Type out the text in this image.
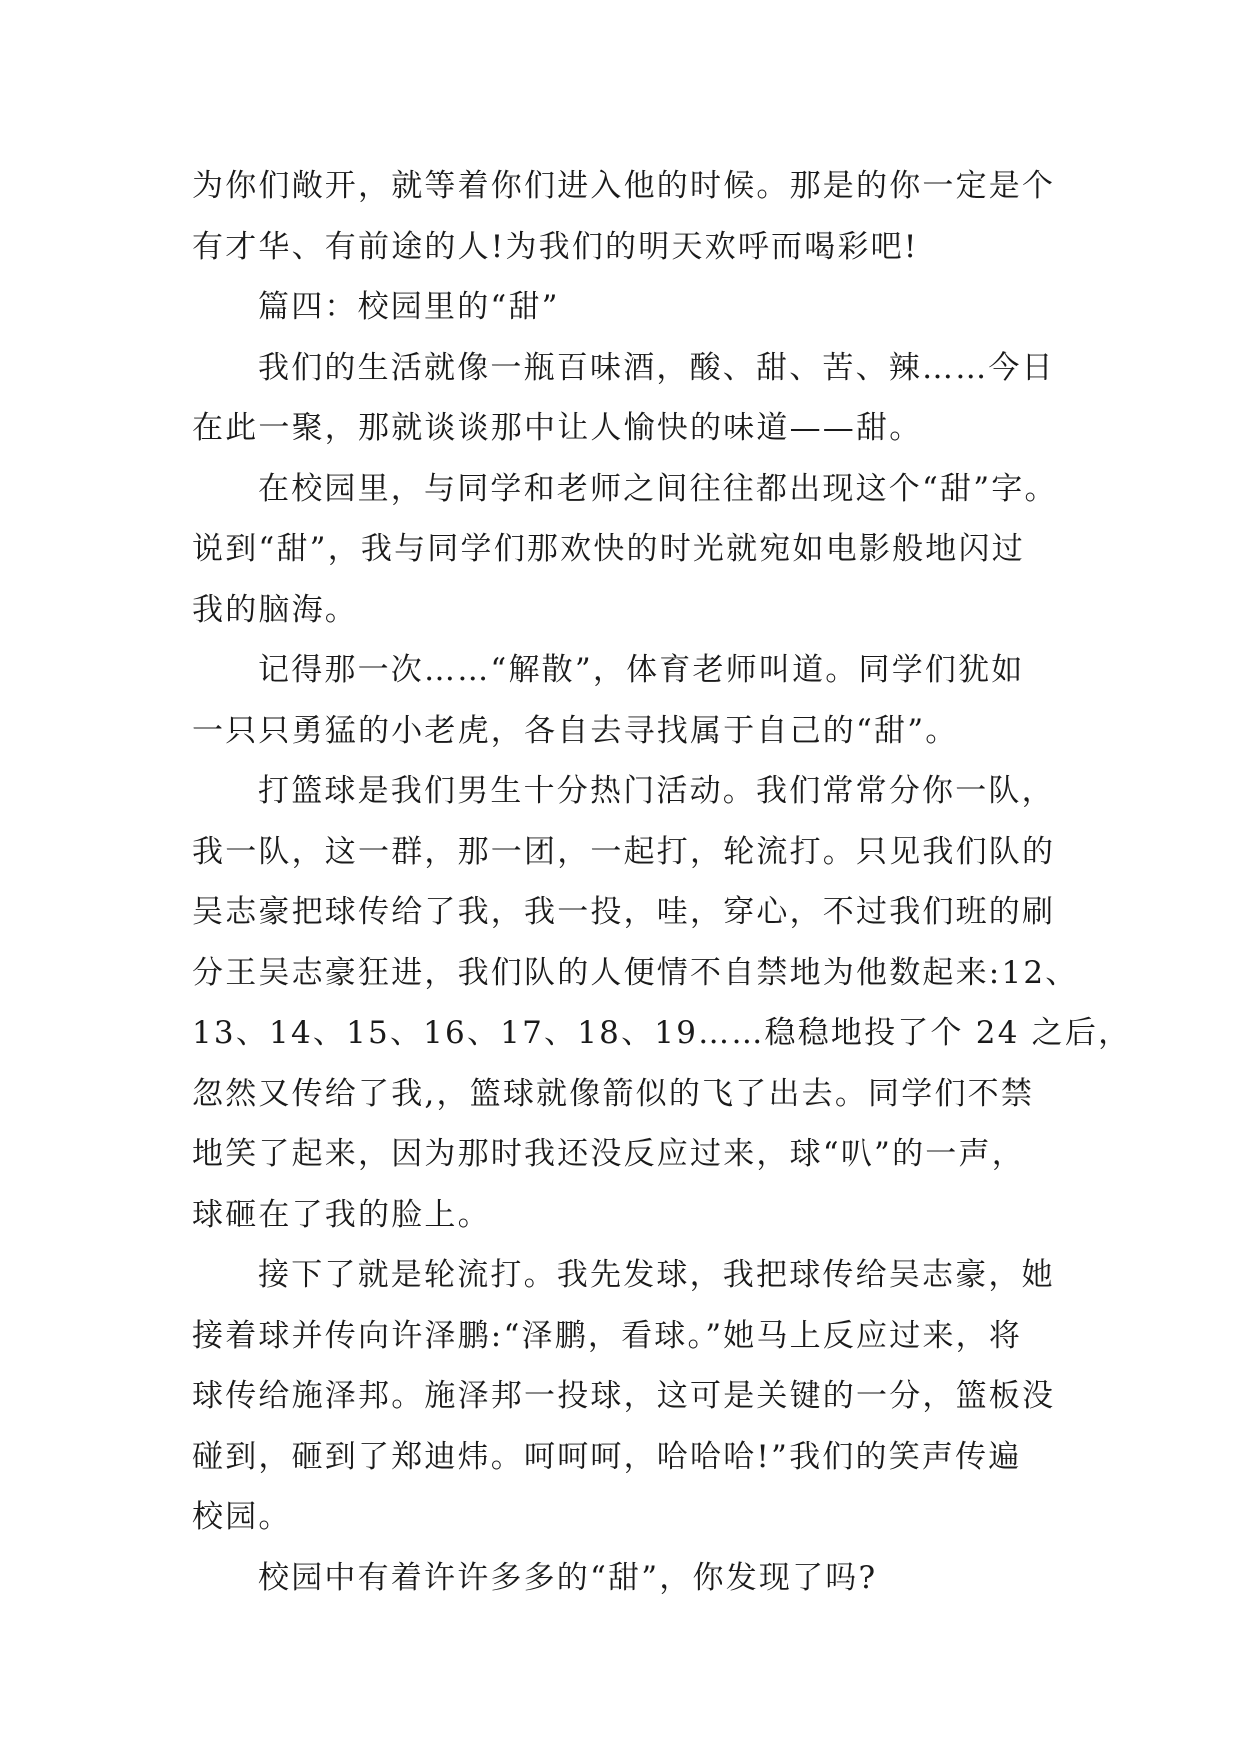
为你们敞开，就等着你们进入他的时候。那是的你一定是个
有才华、有前途的人!为我们的明天欢呼而喝彩吧!
篇四：校园里的“甜”
我们的生活就像一瓶百味酒，酸、甜、苦、辣……今日
在此一聚，那就谈谈那中让人愉快的味道——甜。
在校园里，与同学和老师之间往往都出现这个“甜”字。
说到“甜”，我与同学们那欢快的时光就宛如电影般地闪过
我的脑海。
记得那一次……“解散”，体育老师叫道。同学们犹如
一只只勇猛的小老虎，各自去寻找属于自己的“甜”。
打篮球是我们男生十分热门活动。我们常常分你一队，
我一队，这一群，那一团，一起打，轮流打。只见我们队的
吴志豪把球传给了我，我一投，哇，穿心，不过我们班的刷
分王吴志豪狂进，我们队的人便情不自禁地为他数起来:12、
13、14、15、16、17、18、19……稳稳地投了个 24 之后，
忽然又传给了我,，篮球就像箭似的飞了出去。同学们不禁
地笑了起来，因为那时我还没反应过来，球“叭”的一声，
球砸在了我的脸上。
接下了就是轮流打。我先发球，我把球传给吴志豪，她
接着球并传向许泽鹏:“泽鹏，看球。”她马上反应过来，将
球传给施泽邦。施泽邦一投球，这可是关键的一分，篮板没
碰到，砸到了郑迪炜。呵呵呵，哈哈哈!”我们的笑声传遍
校园。
校园中有着许许多多的“甜”，你发现了吗?
